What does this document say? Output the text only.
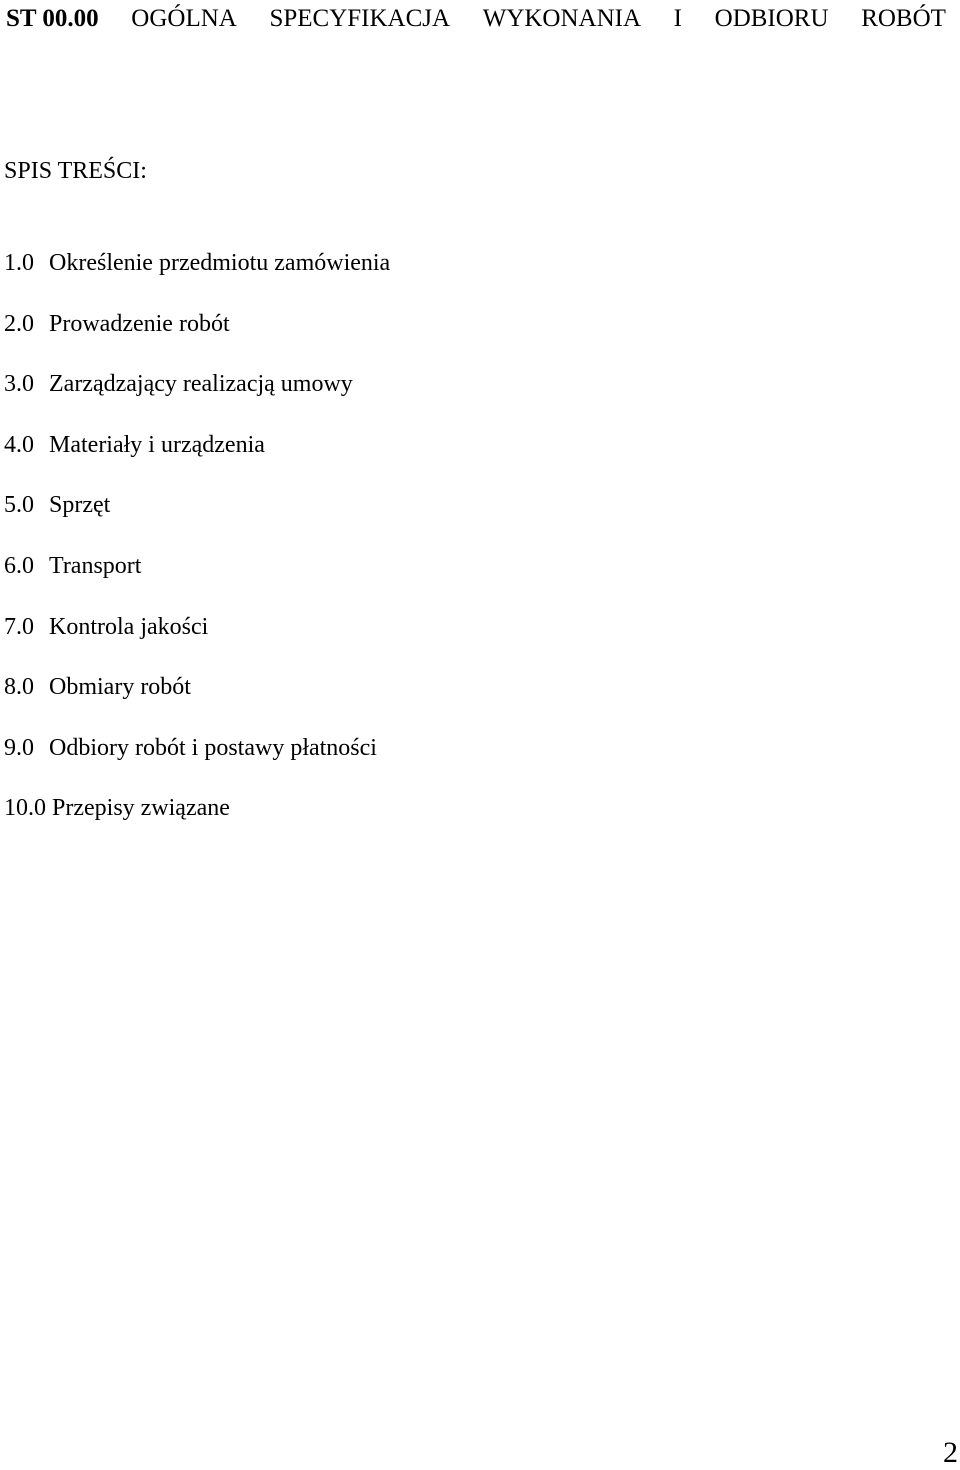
ST 00.00 OGÓLNA SPECYFIKACJA WYKONANIA I ODBIORU ROBÓT
SPIS TREŚCI:
1.0 Określenie przedmiotu zamówienia
2.0 Prowadzenie robót
3.0 Zarządzający realizacją umowy
4.0 Materiały i urządzenia
5.0 Sprzęt
6.0 Transport
7.0 Kontrola jakości
8.0 Obmiary robót
9.0 Odbiory robót i postawy płatności
10.0 Przepisy związane
2
